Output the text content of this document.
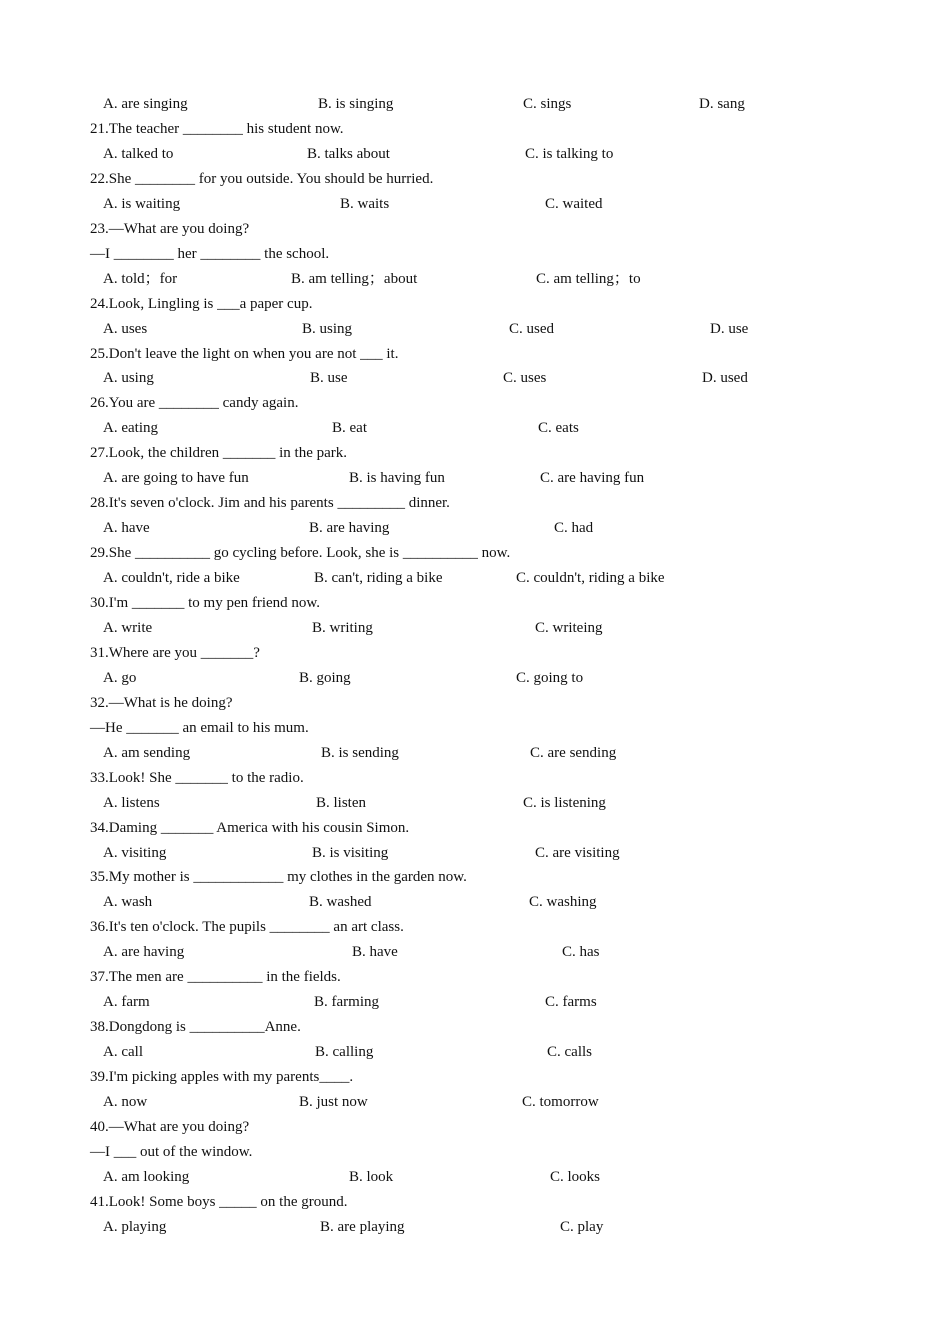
A. are singing	B. is singing	C. sings	D. sang
21.The teacher ________ his student now.
A. talked to	B. talks about	C. is talking to
22.She ________ for you outside. You should be hurried.
A. is waiting	B. waits	C. waited
23.—What are you doing?
—I ________ her ________ the school.
A. told；for	B. am telling；about	C. am telling；to
24.Look, Lingling is ___a paper cup.
A. uses	B. using	C. used	D. use
25.Don't leave the light on when you are not ___ it.
A. using	B. use	C. uses	D. used
26.You are ________ candy again.
A. eating	B. eat	C. eats
27.Look, the children _______ in the park.
A. are going to have fun	B. is having fun	C. are having fun
28.It's seven o'clock. Jim and his parents _________ dinner.
A. have	B. are having	C. had
29.She __________ go cycling before. Look, she is __________ now.
A. couldn't, ride a bike	B. can't, riding a bike	C. couldn't, riding a bike
30.I'm _______ to my pen friend now.
A. write	B. writing	C. writeing
31.Where are you _______?
A. go	B. going	C. going to
32.—What is he doing?
—He _______ an email to his mum.
A. am sending	B. is sending	C. are sending
33.Look! She _______ to the radio.
A. listens	B. listen	C. is listening
34.Daming _______ America with his cousin Simon.
A. visiting	B. is visiting	C. are visiting
35.My mother is ____________ my clothes in the garden now.
A. wash	B. washed	C. washing
36.It's ten o'clock. The pupils ________ an art class.
A. are having	B. have	C. has
37.The men are __________ in the fields.
A. farm	B. farming	C. farms
38.Dongdong is __________Anne.
A. call	B. calling	C. calls
39.I'm picking apples with my parents____.
A. now	B. just now	C. tomorrow
40.—What are you doing?
—I ___ out of the window.
A. am looking	B. look	C. looks
41.Look! Some boys _____ on the ground.
A. playing	B. are playing	C. play
